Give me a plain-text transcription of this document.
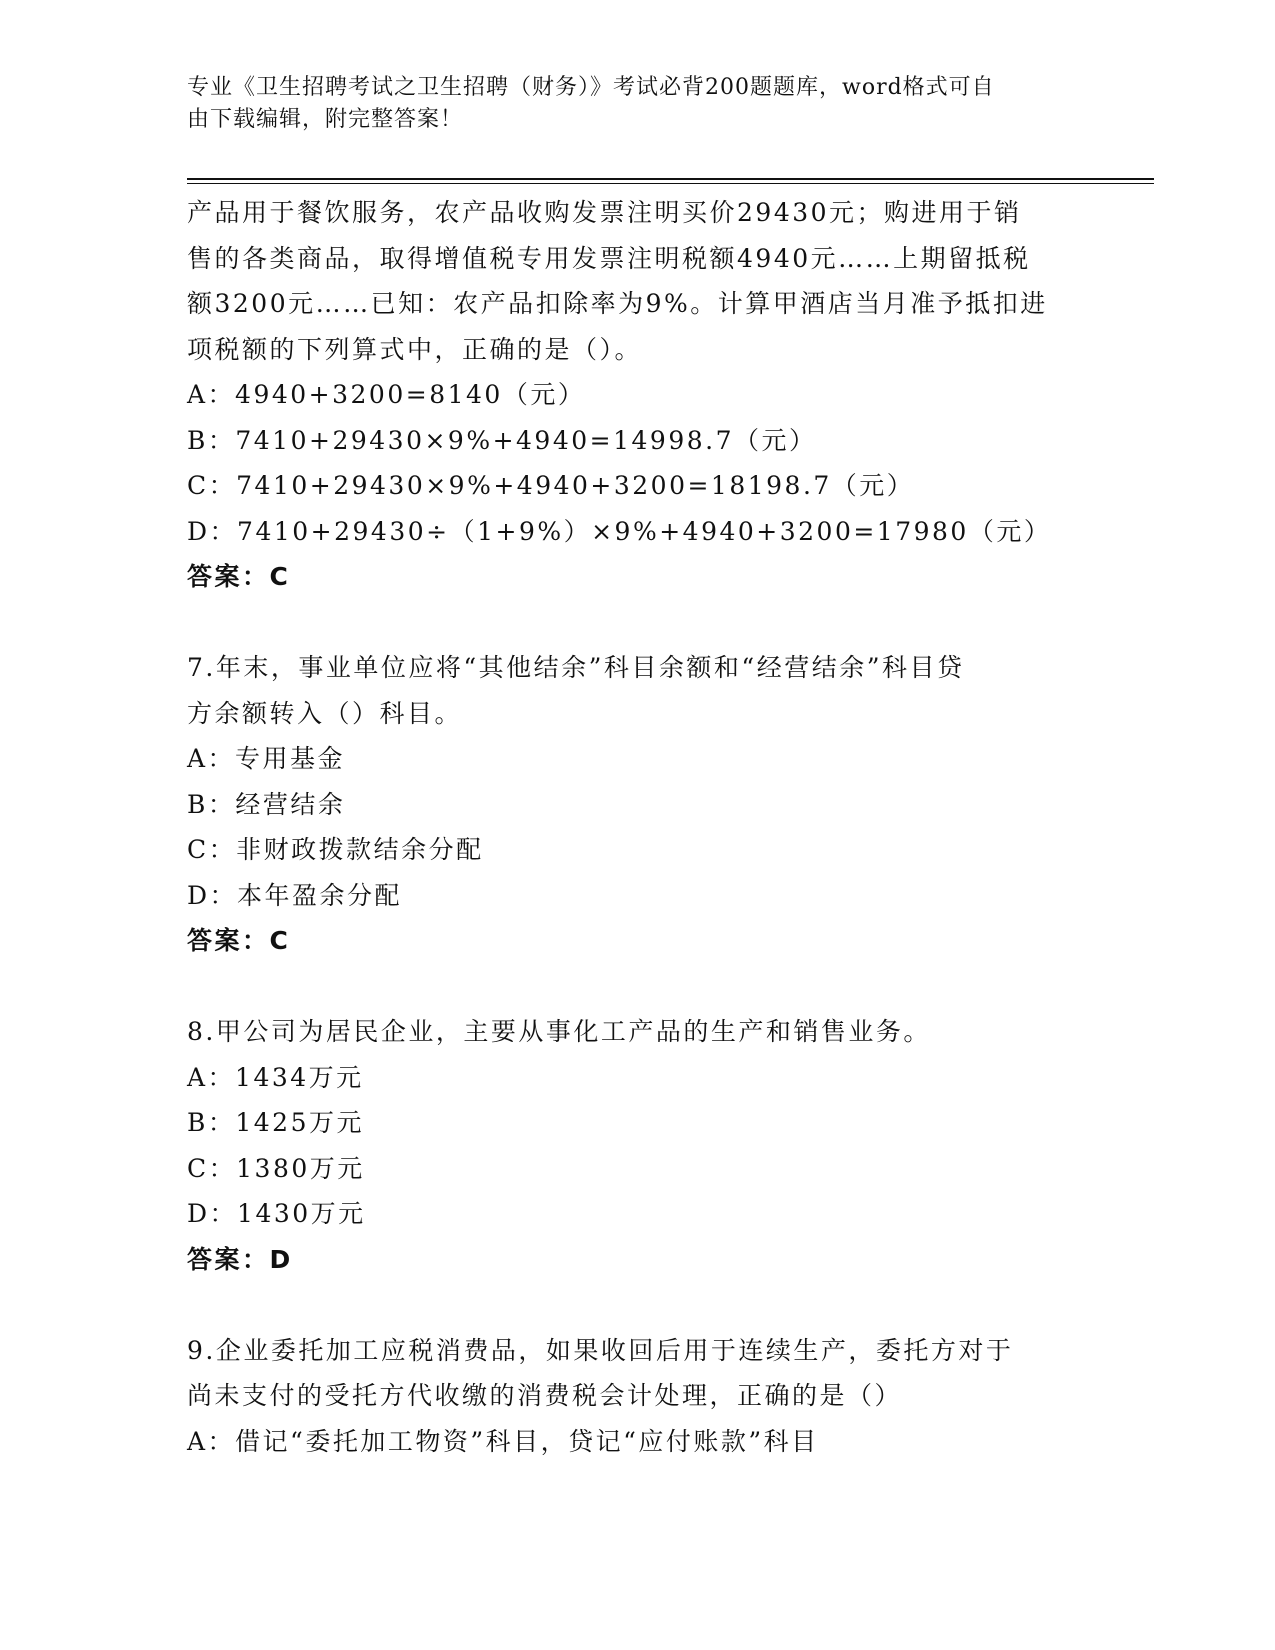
专业《卫生招聘考试之卫生招聘（财务）》考试必背200题题库，word格式可自
由下载编辑，附完整答案！
产品用于餐饮服务，农产品收购发票注明买价29430元；购进用于销
售的各类商品，取得增值税专用发票注明税额4940元……上期留抵税
额3200元……已知：农产品扣除率为9%。计算甲酒店当月准予抵扣进
项税额的下列算式中，正确的是（）。
A：4940+3200=8140（元）
B：7410+29430×9%+4940=14998.7（元）
C：7410+29430×9%+4940+3200=18198.7（元）
D：7410+29430÷（1+9%）×9%+4940+3200=17980（元）
答案：C
7.年末，事业单位应将“其他结余”科目余额和“经营结余”科目贷
方余额转入（）科目。
A：专用基金
B：经营结余
C：非财政拨款结余分配
D：本年盈余分配
答案：C
8.甲公司为居民企业，主要从事化工产品的生产和销售业务。
A：1434万元
B：1425万元
C：1380万元
D：1430万元
答案：D
9.企业委托加工应税消费品，如果收回后用于连续生产，委托方对于
尚未支付的受托方代收缴的消费税会计处理，正确的是（）
A：借记“委托加工物资”科目，贷记“应付账款”科目
